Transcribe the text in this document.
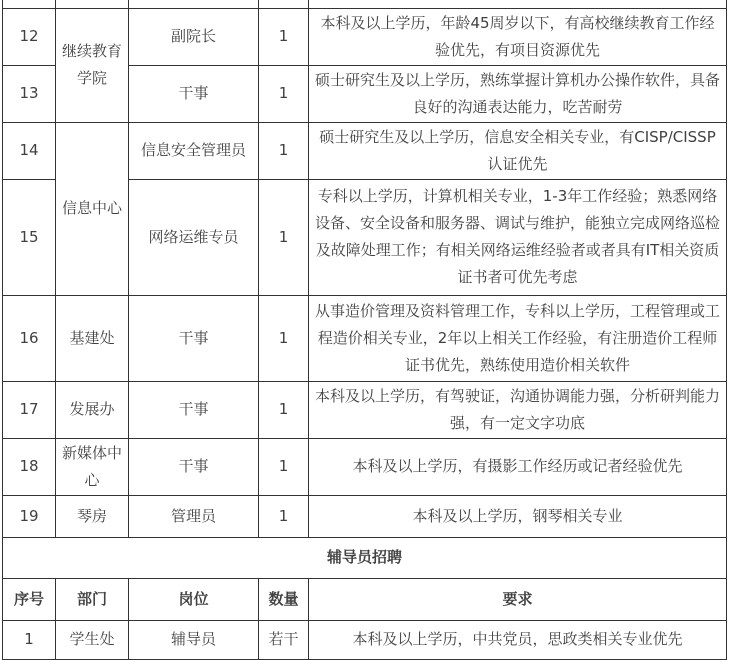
12	继续教育学院	副院长	1	本科及以上学历，年龄45周岁以下，有高校继续教育工作经验优先，有项目资源优先
13		干事	1	硕士研究生及以上学历，熟练掌握计算机办公操作软件，具备良好的沟通表达能力，吃苦耐劳
14	信息中心	信息安全管理员	1	硕士研究生及以上学历，信息安全相关专业，有CISP/CISSP认证优先
15		网络运维专员	1	专科以上学历，计算机相关专业，1-3年工作经验；熟悉网络设备、安全设备和服务器、调试与维护，能独立完成网络巡检及故障处理工作；有相关网络运维经验者或者具有IT相关资质证书者可优先考虑
16	基建处	干事	1	从事造价管理及资料管理工作，专科以上学历，工程管理或工程造价相关专业，2年以上相关工作经验，有注册造价工程师证书优先，熟练使用造价相关软件
17	发展办	干事	1	本科及以上学历，有驾驶证，沟通协调能力强，分析研判能力强，有一定文字功底
18	新媒体中心	干事	1	本科及以上学历，有摄影工作经历或记者经验优先
19	琴房	管理员	1	本科及以上学历，钢琴相关专业
辅导员招聘				
序号	部门	岗位	数量	要求
1	学生处	辅导员	若干	本科及以上学历，中共党员，思政类相关专业优先
